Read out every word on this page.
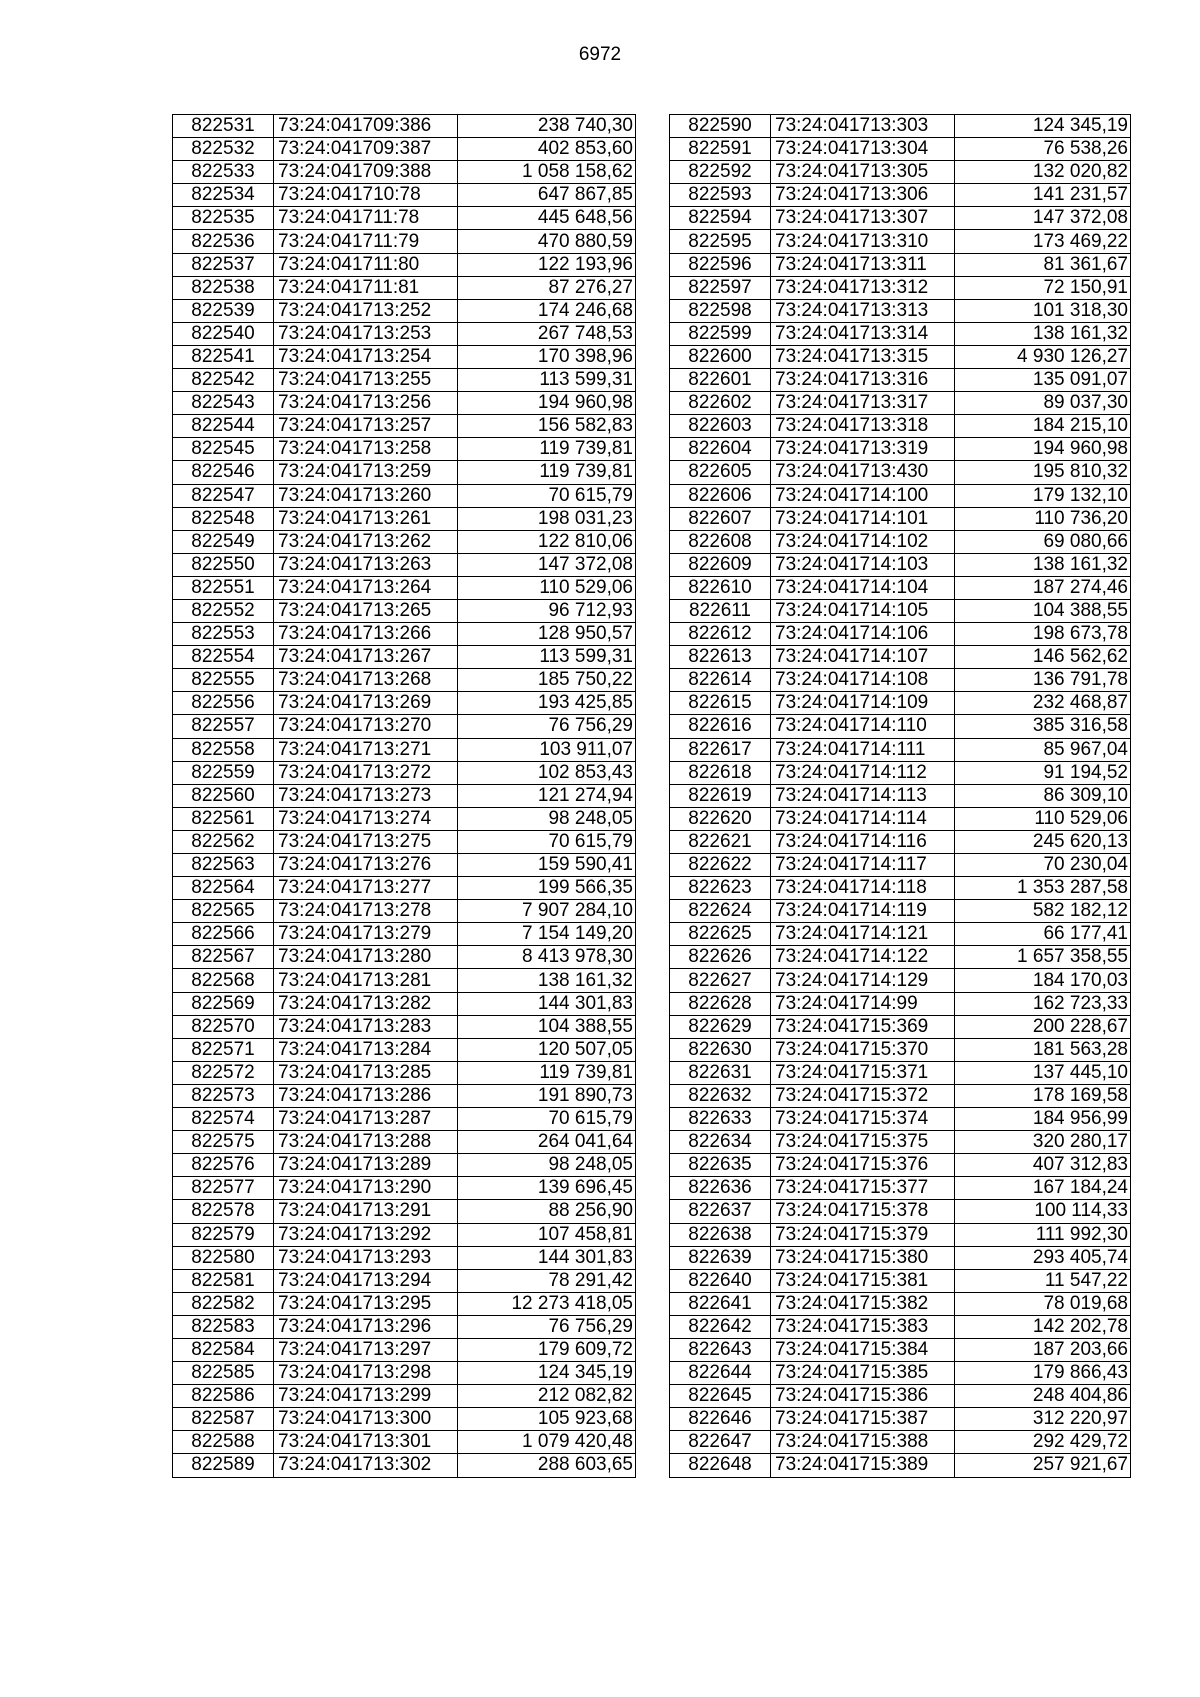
6972
822531	73:24:041709:386	238 740,30
822532	73:24:041709:387	402 853,60
822533	73:24:041709:388	1 058 158,62
822534	73:24:041710:78	647 867,85
822535	73:24:041711:78	445 648,56
822536	73:24:041711:79	470 880,59
822537	73:24:041711:80	122 193,96
822538	73:24:041711:81	87 276,27
822539	73:24:041713:252	174 246,68
822540	73:24:041713:253	267 748,53
822541	73:24:041713:254	170 398,96
822542	73:24:041713:255	113 599,31
822543	73:24:041713:256	194 960,98
822544	73:24:041713:257	156 582,83
822545	73:24:041713:258	119 739,81
822546	73:24:041713:259	119 739,81
822547	73:24:041713:260	70 615,79
822548	73:24:041713:261	198 031,23
822549	73:24:041713:262	122 810,06
822550	73:24:041713:263	147 372,08
822551	73:24:041713:264	110 529,06
822552	73:24:041713:265	96 712,93
822553	73:24:041713:266	128 950,57
822554	73:24:041713:267	113 599,31
822555	73:24:041713:268	185 750,22
822556	73:24:041713:269	193 425,85
822557	73:24:041713:270	76 756,29
822558	73:24:041713:271	103 911,07
822559	73:24:041713:272	102 853,43
822560	73:24:041713:273	121 274,94
822561	73:24:041713:274	98 248,05
822562	73:24:041713:275	70 615,79
822563	73:24:041713:276	159 590,41
822564	73:24:041713:277	199 566,35
822565	73:24:041713:278	7 907 284,10
822566	73:24:041713:279	7 154 149,20
822567	73:24:041713:280	8 413 978,30
822568	73:24:041713:281	138 161,32
822569	73:24:041713:282	144 301,83
822570	73:24:041713:283	104 388,55
822571	73:24:041713:284	120 507,05
822572	73:24:041713:285	119 739,81
822573	73:24:041713:286	191 890,73
822574	73:24:041713:287	70 615,79
822575	73:24:041713:288	264 041,64
822576	73:24:041713:289	98 248,05
822577	73:24:041713:290	139 696,45
822578	73:24:041713:291	88 256,90
822579	73:24:041713:292	107 458,81
822580	73:24:041713:293	144 301,83
822581	73:24:041713:294	78 291,42
822582	73:24:041713:295	12 273 418,05
822583	73:24:041713:296	76 756,29
822584	73:24:041713:297	179 609,72
822585	73:24:041713:298	124 345,19
822586	73:24:041713:299	212 082,82
822587	73:24:041713:300	105 923,68
822588	73:24:041713:301	1 079 420,48
822589	73:24:041713:302	288 603,65
822590	73:24:041713:303	124 345,19
822591	73:24:041713:304	76 538,26
822592	73:24:041713:305	132 020,82
822593	73:24:041713:306	141 231,57
822594	73:24:041713:307	147 372,08
822595	73:24:041713:310	173 469,22
822596	73:24:041713:311	81 361,67
822597	73:24:041713:312	72 150,91
822598	73:24:041713:313	101 318,30
822599	73:24:041713:314	138 161,32
822600	73:24:041713:315	4 930 126,27
822601	73:24:041713:316	135 091,07
822602	73:24:041713:317	89 037,30
822603	73:24:041713:318	184 215,10
822604	73:24:041713:319	194 960,98
822605	73:24:041713:430	195 810,32
822606	73:24:041714:100	179 132,10
822607	73:24:041714:101	110 736,20
822608	73:24:041714:102	69 080,66
822609	73:24:041714:103	138 161,32
822610	73:24:041714:104	187 274,46
822611	73:24:041714:105	104 388,55
822612	73:24:041714:106	198 673,78
822613	73:24:041714:107	146 562,62
822614	73:24:041714:108	136 791,78
822615	73:24:041714:109	232 468,87
822616	73:24:041714:110	385 316,58
822617	73:24:041714:111	85 967,04
822618	73:24:041714:112	91 194,52
822619	73:24:041714:113	86 309,10
822620	73:24:041714:114	110 529,06
822621	73:24:041714:116	245 620,13
822622	73:24:041714:117	70 230,04
822623	73:24:041714:118	1 353 287,58
822624	73:24:041714:119	582 182,12
822625	73:24:041714:121	66 177,41
822626	73:24:041714:122	1 657 358,55
822627	73:24:041714:129	184 170,03
822628	73:24:041714:99	162 723,33
822629	73:24:041715:369	200 228,67
822630	73:24:041715:370	181 563,28
822631	73:24:041715:371	137 445,10
822632	73:24:041715:372	178 169,58
822633	73:24:041715:374	184 956,99
822634	73:24:041715:375	320 280,17
822635	73:24:041715:376	407 312,83
822636	73:24:041715:377	167 184,24
822637	73:24:041715:378	100 114,33
822638	73:24:041715:379	111 992,30
822639	73:24:041715:380	293 405,74
822640	73:24:041715:381	11 547,22
822641	73:24:041715:382	78 019,68
822642	73:24:041715:383	142 202,78
822643	73:24:041715:384	187 203,66
822644	73:24:041715:385	179 866,43
822645	73:24:041715:386	248 404,86
822646	73:24:041715:387	312 220,97
822647	73:24:041715:388	292 429,72
822648	73:24:041715:389	257 921,67
